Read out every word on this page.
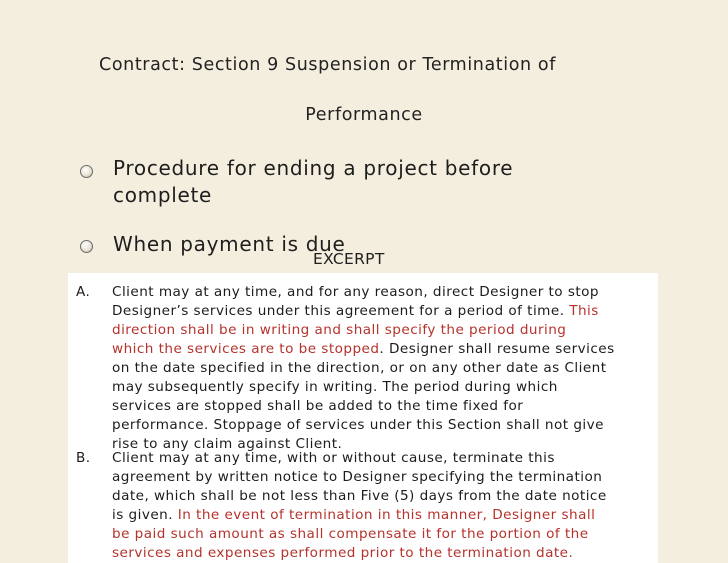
Contract: Section 9 Suspension or Termination of
Performance
Procedure for ending a project before
complete
When payment is due
EXCERPT
A.	Client may at any time, and for any reason, direct Designer to stop
Designer’s services under this agreement for a period of time. This
direction shall be in writing and shall specify the period during
which the services are to be stopped. Designer shall resume services
on the date specified in the direction, or on any other date as Client
may subsequently specify in writing. The period during which
services are stopped shall be added to the time fixed for
performance. Stoppage of services under this Section shall not give
rise to any claim against Client.
B.	Client may at any time, with or without cause, terminate this
agreement by written notice to Designer specifying the termination
date, which shall be not less than Five (5) days from the date notice
is given. In the event of termination in this manner, Designer shall
be paid such amount as shall compensate it for the portion of the
services and expenses performed prior to the termination date.
